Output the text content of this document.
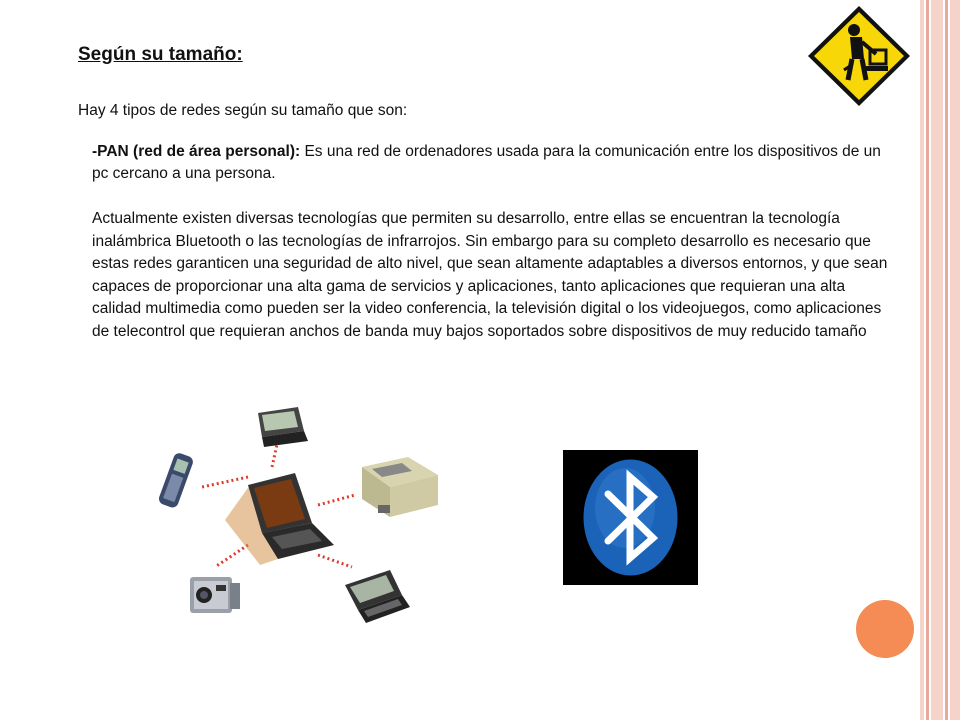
Según su tamaño:
Hay 4 tipos de redes según su tamaño que son:
-PAN (red de área personal): Es una red de ordenadores usada para la comunicación entre los dispositivos de un pc cercano a una persona.
Actualmente existen diversas tecnologías que permiten su desarrollo, entre ellas se encuentran la tecnología inalámbrica Bluetooth o las tecnologías de infrarrojos. Sin embargo para su completo desarrollo es necesario que estas redes garanticen una seguridad de alto nivel, que sean altamente adaptables a diversos entornos, y que sean capaces de proporcionar una alta gama de servicios y aplicaciones, tanto aplicaciones que requieran una alta calidad multimedia como pueden ser la video conferencia, la televisión digital o los videojuegos, como aplicaciones de telecontrol que requieran anchos de banda muy bajos soportados sobre dispositivos de muy reducido tamaño
